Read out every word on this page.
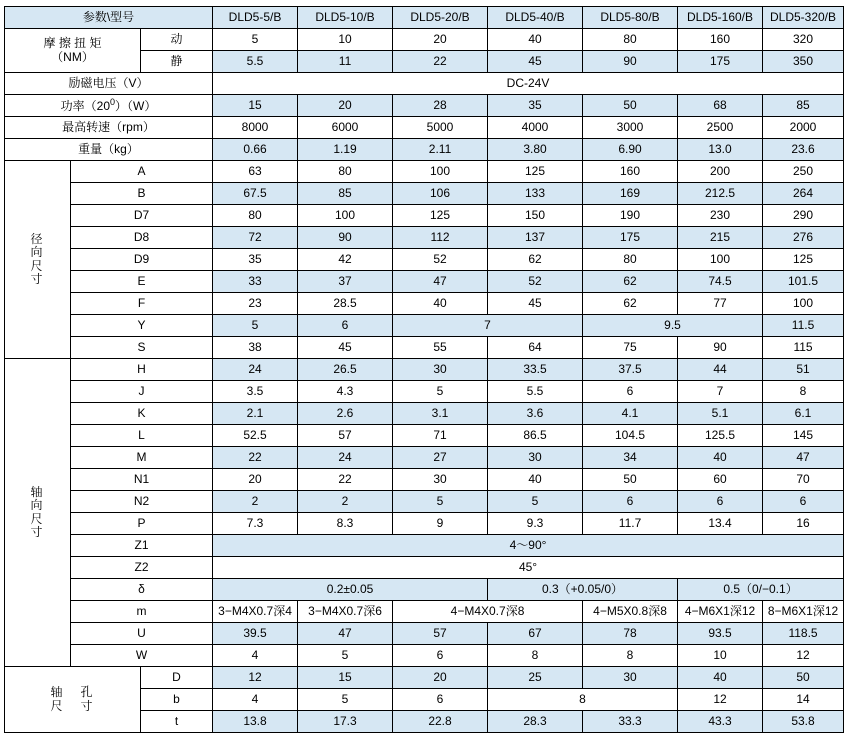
参数\型号			DLD5-5/B	DLD5-10/B	DLD5-20/B	DLD5-40/B	DLD5-80/B	DLD5-160/B	DLD5-320/B
摩 擦 扭 矩
（NM）		动	5	10	20	40	80	160	320
		静	5.5	11	22	45	90	175	350
励磁电压（V）			DC-24V						
功率$(20^0)(W)$			15	20	28	35	50	68	85
最高转速（rpm）			8000	6000	5000	4000	3000	2500	2000
重量（kg）			0.66	1.19	2.11	3.80	6.90	13.0	23.6
径
向
尺
寸	A		63	80	100	125	160	200	250
	B		67.5	85	106	133	169	212.5	264
	D7		80	100	125	150	190	230	290
	D8		72	90	112	137	175	215	276
	D9		35	42	52	62	80	100	125
	E		33	37	47	52	62	74.5	101.5
	F		23	28.5	40	45	62	77	100
	Y		5	6	7		9.5		11.5
	S		38	45	55	64	75	90	115
轴
向
尺
寸	H		24	26.5	30	33.5	37.5	44	51
	J		3.5	4.3	5	5.5	6	7	8
	K		2.1	2.6	3.1	3.6	4.1	5.1	6.1
	L		52.5	57	71	86.5	104.5	125.5	145
	M		22	24	27	30	34	40	47
	N1		20	22	30	40	50	60	70
	N2		2	2	5	5	6	6	6
	P		7.3	8.3	9	9.3	11.7	13.4	16
	Z1		4～90°						
	Z2		45°						
	δ		0.2±0.05			0.3（+0.05/0）		0.5（0/−0.1）	
	m		3−M4X0.7深4	3−M4X0.7深6	4−M4X0.7深8		4−M5X0.8深8	4−M6X1深12	8−M6X1深12
	U		39.5	47	57	67	78	93.5	118.5
	W		4	5	6	8	8	10	12
轴   孔
尺   寸		D	12	15	20	25	30	40	50
		b	4	5	6	8		12	14
		t	13.8	17.3	22.8	28.3	33.3	43.3	53.8
